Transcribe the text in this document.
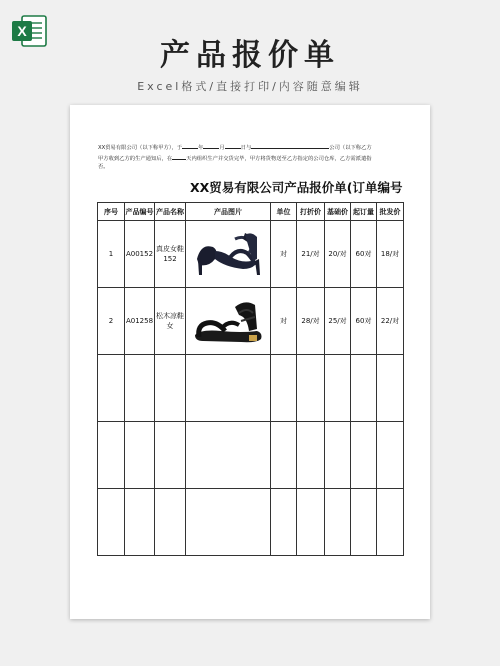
X
产品报价单
Excel格式/直接打印/内容随意编辑
XX贸易有限公司（以下称甲方），于	年	月	日与	公司（以下称乙方
甲方收到乙方的生产通知后，在	天内组织生产并交货完毕，甲方将货物送至乙方指定的公司仓库，乙方需派遣指
否。
XX贸易有限公司产品报价单(订单编号
序号	产品编号	产品名称	产品图片	单位	打折价	基础价	起订量	批发价
1	A00152	真皮女鞋152		对	21/对	20/对	60对	18/对
2	A01258	松木凉鞋女		对	28/对	25/对	60对	22/对
